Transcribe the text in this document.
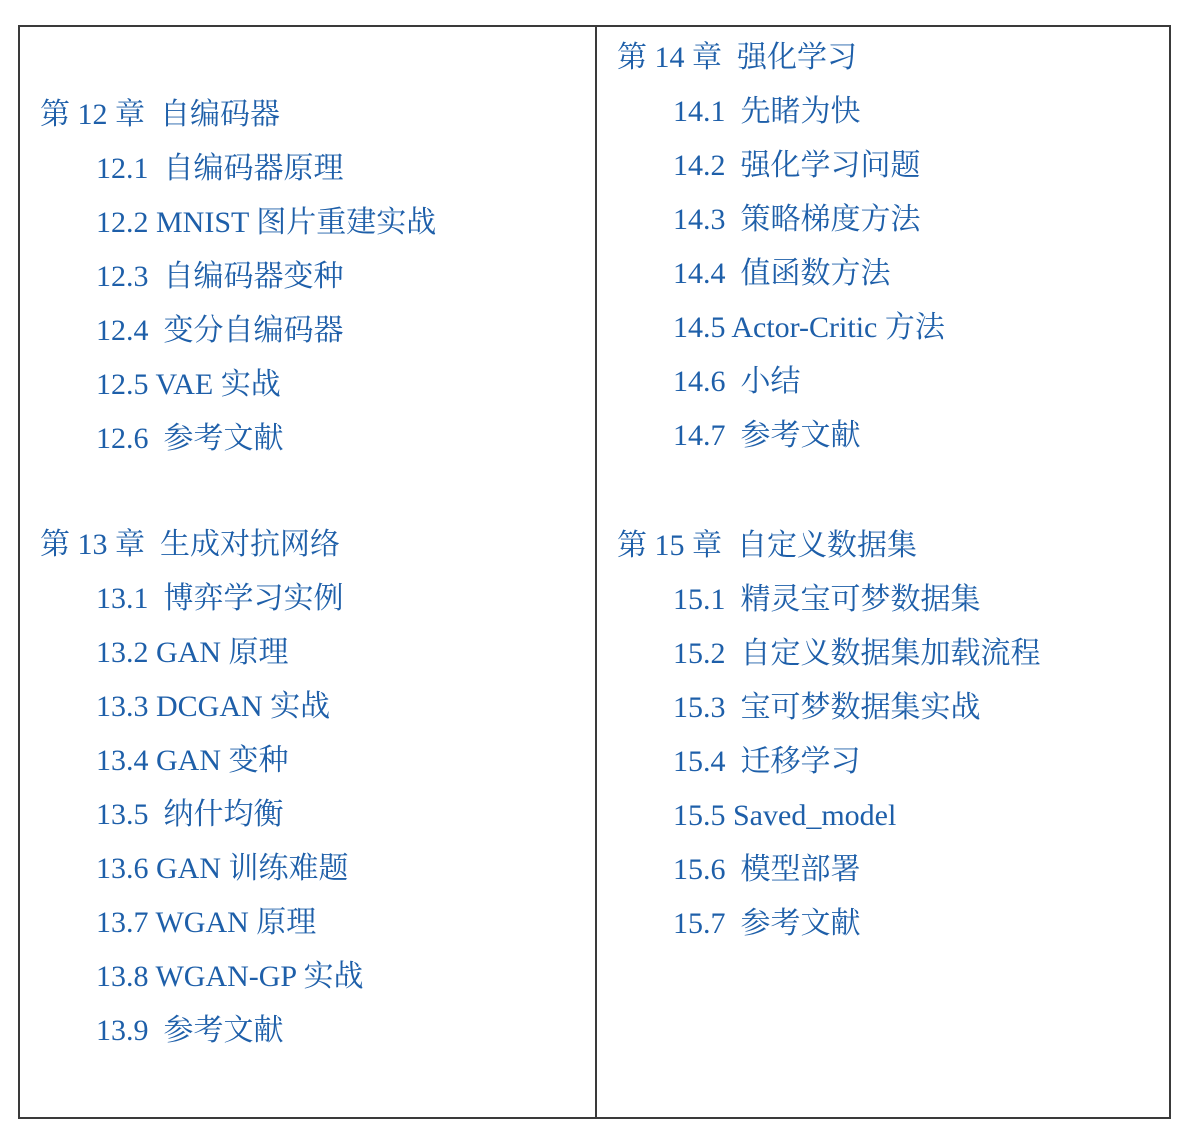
第 12 章  自编码器
12.1  自编码器原理
12.2 MNIST 图片重建实战
12.3  自编码器变种
12.4  变分自编码器
12.5 VAE 实战
12.6  参考文献
第 13 章  生成对抗网络
13.1  博弈学习实例
13.2 GAN 原理
13.3 DCGAN 实战
13.4 GAN 变种
13.5  纳什均衡
13.6 GAN 训练难题
13.7 WGAN 原理
13.8 WGAN-GP 实战
13.9  参考文献
第 14 章  强化学习
14.1  先睹为快
14.2  强化学习问题
14.3  策略梯度方法
14.4  值函数方法
14.5 Actor-Critic 方法
14.6  小结
14.7  参考文献
第 15 章  自定义数据集
15.1  精灵宝可梦数据集
15.2  自定义数据集加载流程
15.3  宝可梦数据集实战
15.4  迁移学习
15.5 Saved_model
15.6  模型部署
15.7  参考文献
